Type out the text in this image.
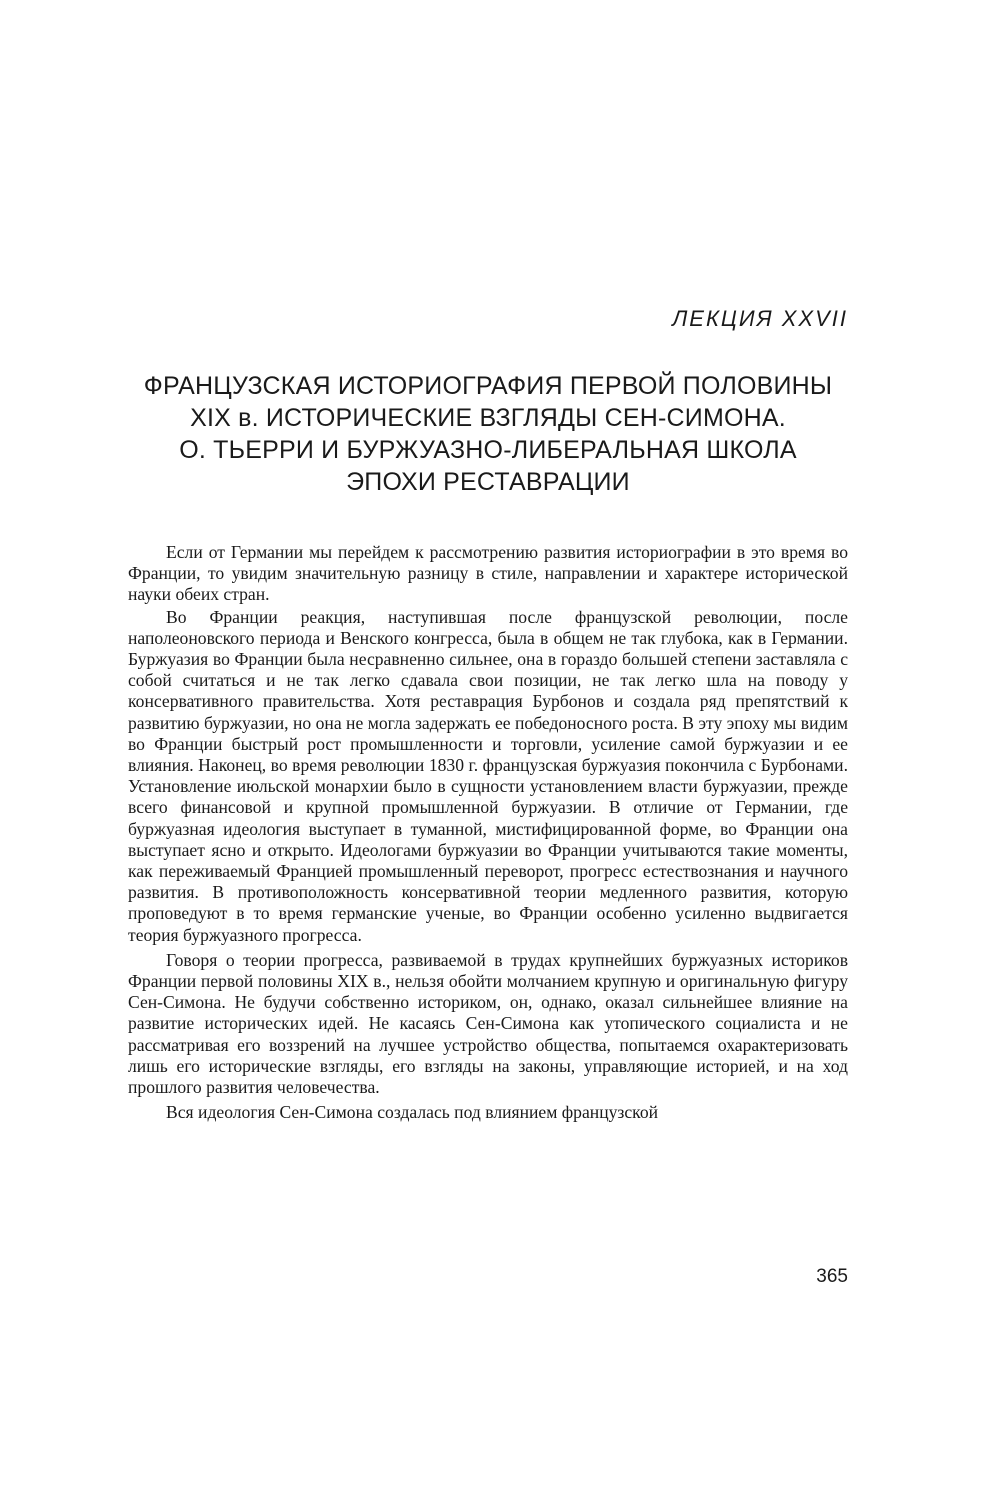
ЛЕКЦИЯ XXVII
ФРАНЦУЗСКАЯ ИСТОРИОГРАФИЯ ПЕРВОЙ ПОЛОВИНЫ
XIX в. ИСТОРИЧЕСКИЕ ВЗГЛЯДЫ СЕН-СИМОНА.
О. ТЬЕРРИ И БУРЖУАЗНО-ЛИБЕРАЛЬНАЯ ШКОЛА
ЭПОХИ РЕСТАВРАЦИИ

Если от Германии мы перейдем к рассмотрению развития историографии в это время во Франции, то увидим значительную разницу в стиле, направлении и характере исторической науки обеих стран.

Во Франции реакция, наступившая после французской революции, после наполеоновского периода и Венского конгресса, была в общем не так глубока, как в Германии. Буржуазия во Франции была несравненно сильнее, она в гораздо большей степени заставляла с собой считаться и не так легко сдавала свои позиции, не так легко шла на поводу у консервативного правительства. Хотя реставрация Бурбонов и создала ряд препятствий к развитию буржуазии, но она не могла задержать ее победоносного роста. В эту эпоху мы видим во Франции быстрый рост промышленности и торговли, усиление самой буржуазии и ее влияния. Наконец, во время революции 1830 г. французская буржуазия покончила с Бурбонами. Установление июльской монархии было в сущности установлением власти буржуазии, прежде всего финансовой и крупной промышленной буржуазии. В отличие от Германии, где буржуазная идеология выступает в туманной, мистифицированной форме, во Франции она выступает ясно и открыто. Идеологами буржуазии во Франции учитываются такие моменты, как переживаемый Францией промышленный переворот, прогресс естествознания и научного развития. В противоположность консервативной теории медленного развития, которую проповедуют в то время германские ученые, во Франции особенно усиленно выдвигается теория буржуазного прогресса.

Говоря о теории прогресса, развиваемой в трудах крупнейших буржуазных историков Франции первой половины XIX в., нельзя обойти молчанием крупную и оригинальную фигуру Сен-Симона. Не будучи собственно историком, он, однако, оказал сильнейшее влияние на развитие исторических идей. Не касаясь Сен-Симона как утопического социалиста и не рассматривая его воззрений на лучшее устройство общества, попытаемся охарактеризовать лишь его исторические взгляды, его взгляды на законы, управляющие историей, и на ход прошлого развития человечества.

Вся идеология Сен-Симона создалась под влиянием французской

365
